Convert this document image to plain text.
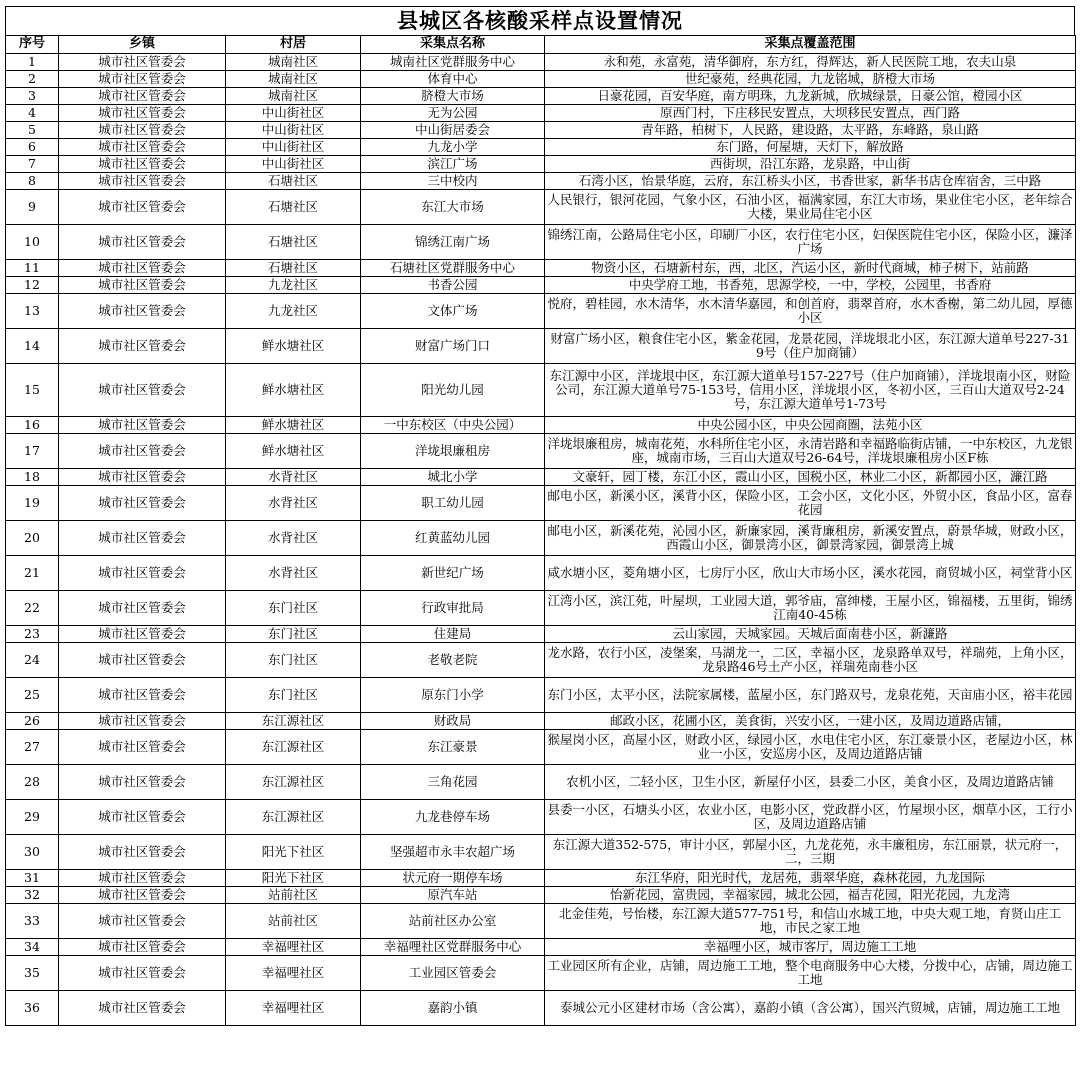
县城区各核酸采样点设置情况
序号	乡镇	村居	采集点名称	采集点覆盖范围
1	城市社区管委会	城南社区	城南社区党群服务中心	永和苑，永富苑，清华御府，东方红，得辉达，新人民医院工地，农夫山泉
2	城市社区管委会	城南社区	体育中心	世纪豪苑，经典花园，九龙铭城，脐橙大市场
3	城市社区管委会	城南社区	脐橙大市场	日豪花园，百安华庭，南方明珠，九龙新城，欣城绿景，日豪公馆，橙园小区
4	城市社区管委会	中山街社区	无为公园	原西门村，下庄移民安置点，大坝移民安置点，西门路
5	城市社区管委会	中山街社区	中山街居委会	青年路，柏树下，人民路，建设路，太平路，东峰路，泉山路
6	城市社区管委会	中山街社区	九龙小学	东门路，何屋塘，天灯下，解放路
7	城市社区管委会	中山街社区	滨江广场	西街坝，沿江东路，龙泉路，中山街
8	城市社区管委会	石塘社区	三中校内	石湾小区，怡景华庭，云府，东江桥头小区，书香世家，新华书店仓库宿舍，三中路
9	城市社区管委会	石塘社区	东江大市场	人民银行，银河花园，气象小区，石油小区，福满家园，东江大市场，果业住宅小区，老年综合大楼，果业局住宅小区
10	城市社区管委会	石塘社区	锦绣江南广场	锦绣江南，公路局住宅小区，印刷厂小区，农行住宅小区，妇保医院住宅小区，保险小区，濂泽广场
11	城市社区管委会	石塘社区	石塘社区党群服务中心	物资小区，石塘新村东，西，北区，汽运小区，新时代商城，柿子树下，站前路
12	城市社区管委会	九龙社区	书香公园	中央学府工地，书香苑，思源学校，一中，学校，公园里，书香府
13	城市社区管委会	九龙社区	文体广场	悦府，碧桂园，水木清华，水木清华嘉园，和创首府，翡翠首府，水木香榭，第二幼儿园，厚德小区
14	城市社区管委会	鲜水塘社区	财富广场门口	财富广场小区，粮食住宅小区，紫金花园，龙景花园，洋垅垠北小区，东江源大道单号227-319号（住户加商铺）
15	城市社区管委会	鲜水塘社区	阳光幼儿园	东江源中小区，洋垅垠中区，东江源大道单号157-227号（住户加商铺），洋垅垠南小区，财险公司，东江源大道单号75-153号，信用小区，洋垅垠小区，冬初小区，三百山大道双号2-24号，东江源大道单号1-73号
16	城市社区管委会	鲜水塘社区	一中东校区（中央公园）	中央公园小区，中央公园商圈，法苑小区
17	城市社区管委会	鲜水塘社区	洋垅垠廉租房	洋垅垠廉租房，城南花苑，水科所住宅小区，永清岩路和幸福路临街店铺，一中东校区，九龙银座，城南市场，三百山大道双号26-64号，洋垅垠廉租房小区F栋
18	城市社区管委会	水背社区	城北小学	文豪轩，园丁楼，东江小区，霞山小区，国税小区，林业二小区，新都园小区，濂江路
19	城市社区管委会	水背社区	职工幼儿园	邮电小区，新溪小区，溪背小区，保险小区，工会小区，文化小区，外贸小区，食品小区，富春花园
20	城市社区管委会	水背社区	红黄蓝幼儿园	邮电小区，新溪花苑，沁园小区，新廉家园，溪背廉租房，新溪安置点，蔚景华城，财政小区，西霞山小区，御景湾小区，御景湾家园，御景湾上城
21	城市社区管委会	水背社区	新世纪广场	咸水塘小区，菱角塘小区，七房厅小区，欣山大市场小区，溪水花园，商贸城小区，祠堂背小区
22	城市社区管委会	东门社区	行政审批局	江湾小区，滨江苑，叶屋坝，工业园大道，郭爷庙，富绅楼，王屋小区，锦福楼，五里街，锦绣江南40-45栋
23	城市社区管委会	东门社区	住建局	云山家园，天城家园。天城后面南巷小区，新濂路
24	城市社区管委会	东门社区	老敬老院	龙水路，农行小区，凌堡案，马湖龙一，二区，幸福小区，龙泉路单双号，祥瑞苑，上角小区，龙泉路46号土产小区，祥瑞苑南巷小区
25	城市社区管委会	东门社区	原东门小学	东门小区，太平小区，法院家属楼，蓝屋小区，东门路双号，龙泉花苑，天亩庙小区，裕丰花园
26	城市社区管委会	东江源社区	财政局	邮政小区，花圃小区，美食街，兴安小区，一建小区，及周边道路店铺，
27	城市社区管委会	东江源社区	东江豪景	猴屋岗小区，高屋小区，财政小区，绿园小区，水电住宅小区，东江豪景小区，老屋边小区，林业一小区，安巡房小区，及周边道路店铺
28	城市社区管委会	东江源社区	三角花园	农机小区，二轻小区，卫生小区，新屋仔小区，县委二小区，美食小区，及周边道路店铺
29	城市社区管委会	东江源社区	九龙巷停车场	县委一小区，石塘头小区，农业小区，电影小区，党政群小区，竹屋坝小区，烟草小区，工行小区，及周边道路店铺
30	城市社区管委会	阳光下社区	坚强超市永丰农超广场	东江源大道352-575，审计小区，郭屋小区，九龙花苑，永丰廉租房，东江丽景，状元府一，二，三期
31	城市社区管委会	阳光下社区	状元府一期停车场	东江华府，阳光时代，龙居苑，翡翠华庭，森林花园，九龙国际
32	城市社区管委会	站前社区	原汽车站	怡新花园，富贵园，幸福家园，城北公园，福吉花园，阳光花园，九龙湾
33	城市社区管委会	站前社区	站前社区办公室	北金佳苑，号怡楼，东江源大道577-751号，和信山水城工地，中央大观工地，育贤山庄工地，市民之家工地
34	城市社区管委会	幸福哩社区	幸福哩社区党群服务中心	幸福哩小区，城市客厅，周边施工工地
35	城市社区管委会	幸福哩社区	工业园区管委会	工业园区所有企业，店铺，周边施工工地，整个电商服务中心大楼，分拨中心，店铺，周边施工工地
36	城市社区管委会	幸福哩社区	嘉韵小镇	泰城公元小区建材市场（含公寓），嘉韵小镇（含公寓），国兴汽贸城，店铺，周边施工工地
